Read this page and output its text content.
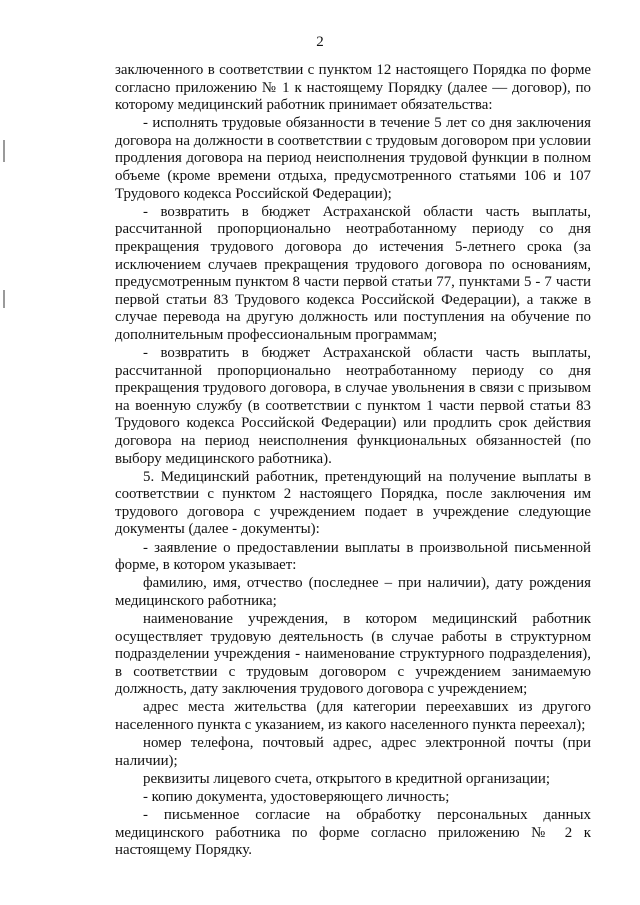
2

заключенного в соответствии с пунктом 12 настоящего Порядка по форме согласно приложению № 1 к настоящему Порядку (далее — договор), по которому медицинский работник принимает обязательства:

- исполнять трудовые обязанности в течение 5 лет со дня заключения договора на должности в соответствии с трудовым договором при условии продления договора на период неисполнения трудовой функции в полном объеме (кроме времени отдыха, предусмотренного статьями 106 и 107 Трудового кодекса Российской Федерации);

- возвратить в бюджет Астраханской области часть выплаты, рассчитанной пропорционально неотработанному периоду со дня прекращения трудового договора до истечения 5-летнего срока (за исключением случаев прекращения трудового договора по основаниям, предусмотренным пунктом 8 части первой статьи 77, пунктами 5 - 7 части первой статьи 83 Трудового кодекса Российской Федерации), а также в случае перевода на другую должность или поступления на обучение по дополнительным профессиональным программам;

- возвратить в бюджет Астраханской области часть выплаты, рассчитанной пропорционально неотработанному периоду со дня прекращения трудового договора, в случае увольнения в связи с призывом на военную службу (в соответствии с пунктом 1 части первой статьи 83 Трудового кодекса Российской Федерации) или продлить срок действия договора на период неисполнения функциональных обязанностей (по выбору медицинского работника).

5. Медицинский работник, претендующий на получение выплаты в соответствии с пунктом 2 настоящего Порядка, после заключения им трудового договора с учреждением подает в учреждение следующие документы (далее - документы):

- заявление о предоставлении выплаты в произвольной письменной форме, в котором указывает:

фамилию, имя, отчество (последнее – при наличии), дату рождения медицинского работника;

наименование учреждения, в котором медицинский работник осуществляет трудовую деятельность (в случае работы в структурном подразделении учреждения - наименование структурного подразделения), в соответствии с трудовым договором с учреждением занимаемую должность, дату заключения трудового договора с учреждением;

адрес места жительства (для категории переехавших из другого населенного пункта с указанием, из какого населенного пункта переехал);

номер телефона, почтовый адрес, адрес электронной почты (при наличии);

реквизиты лицевого счета, открытого в кредитной организации;

- копию документа, удостоверяющего личность;

- письменное согласие на обработку персональных данных медицинского работника по форме согласно приложению № 2 к настоящему Порядку.
